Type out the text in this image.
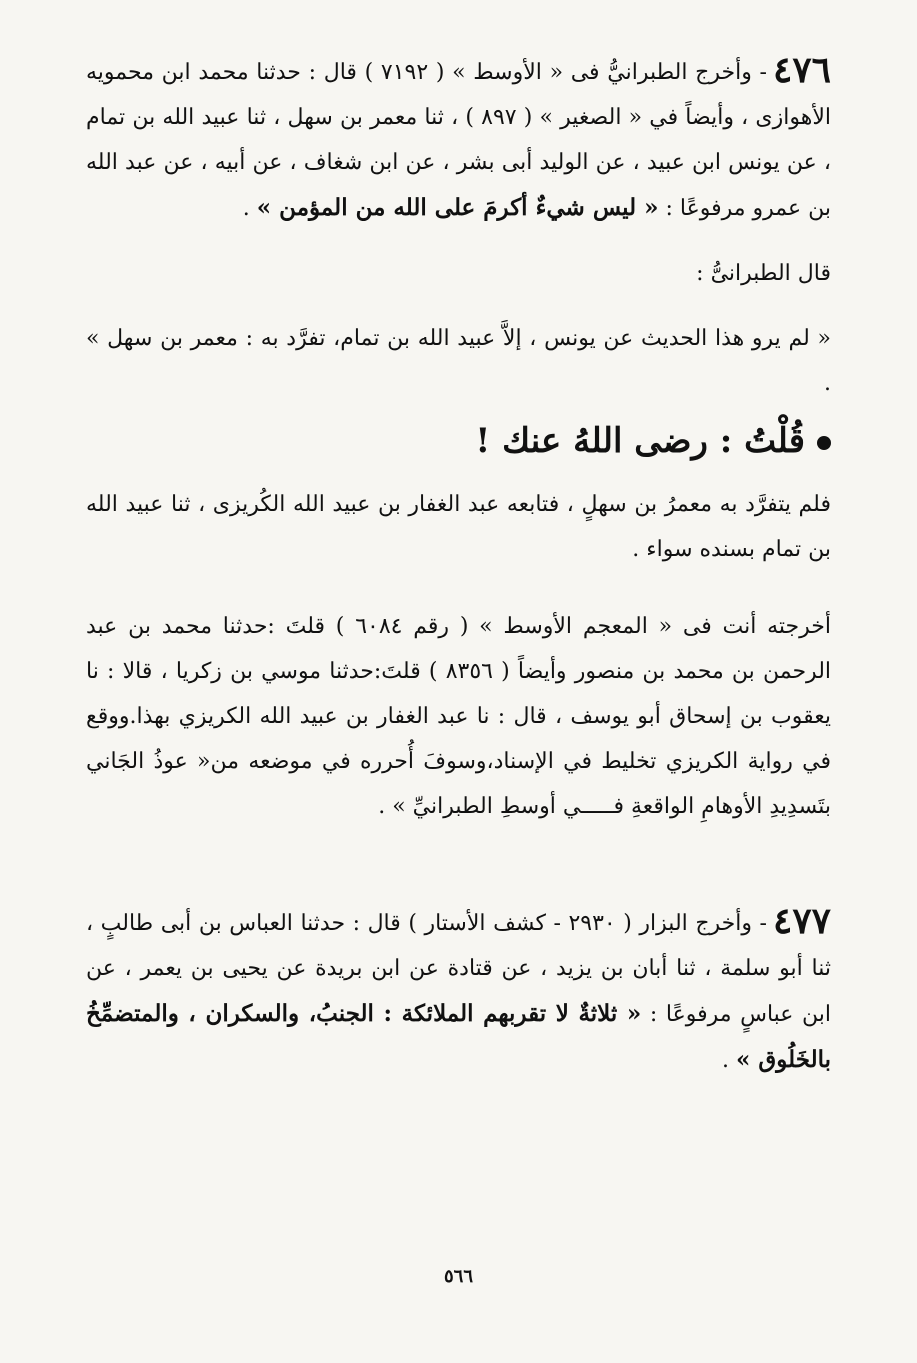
٤٧٦- وأخرج الطبرانيُّ فى « الأوسط » ( ٧١٩٢ ) قال : حدثنا محمد ابن محمويه الأهوازى ، وأيضاً في « الصغير » ( ٨٩٧ ) ، ثنا معمر بن سهل ، ثنا عبيد الله بن تمام ، عن يونس ابن عبيد ، عن الوليد أبى بشر ، عن ابن شغاف ، عن أبيه ، عن عبد الله بن عمرو مرفوعًا : « ليس شيءٌ أكرمَ على الله من المؤمن » .

قال الطبرانىُّ :

« لم يرو هذا الحديث عن يونس ، إلاَّ عبيد الله بن تمام، تفرَّد به : معمر بن سهل » .

قُلْتُ : رضى اللهُ عنك !

فلم يتفرَّد به معمرُ بن سهلٍ ، فتابعه عبد الغفار بن عبيد الله الكُريزى ، ثنا عبيد الله بن تمام بسنده سواء .

أخرجته أنت فى « المعجم الأوسط » ( رقم ٦٠٨٤ ) قلتَ :حدثنا محمد بن عبد الرحمن بن محمد بن منصور وأيضاً ( ٨٣٥٦ ) قلتَ:حدثنا موسي بن زكريا ، قالا : نا يعقوب بن إسحاق أبو يوسف ، قال : نا عبد الغفار بن عبيد الله الكريزي بهذا.ووقع في رواية الكريزي تخليط في الإسناد،وسوفَ أُحرره في موضعه من« عوذُ الجَاني بتَسدِيدِ الأوهامِ الواقعةِ فـــــي أوسطِ الطبرانيِّ » .

٤٧٧- وأخرج البزار ( ٢٩٣٠ - كشف الأستار ) قال : حدثنا العباس بن أبى طالبٍ ، ثنا أبو سلمة ، ثنا أبان بن يزيد ، عن قتادة عن ابن بريدة عن يحيى بن يعمر ، عن ابن عباسٍ مرفوعًا : « ثلاثةٌ لا تقربهم الملائكة : الجنبُ، والسكران ، والمتضمِّخُ بالخَلُوق » .

٥٦٦
